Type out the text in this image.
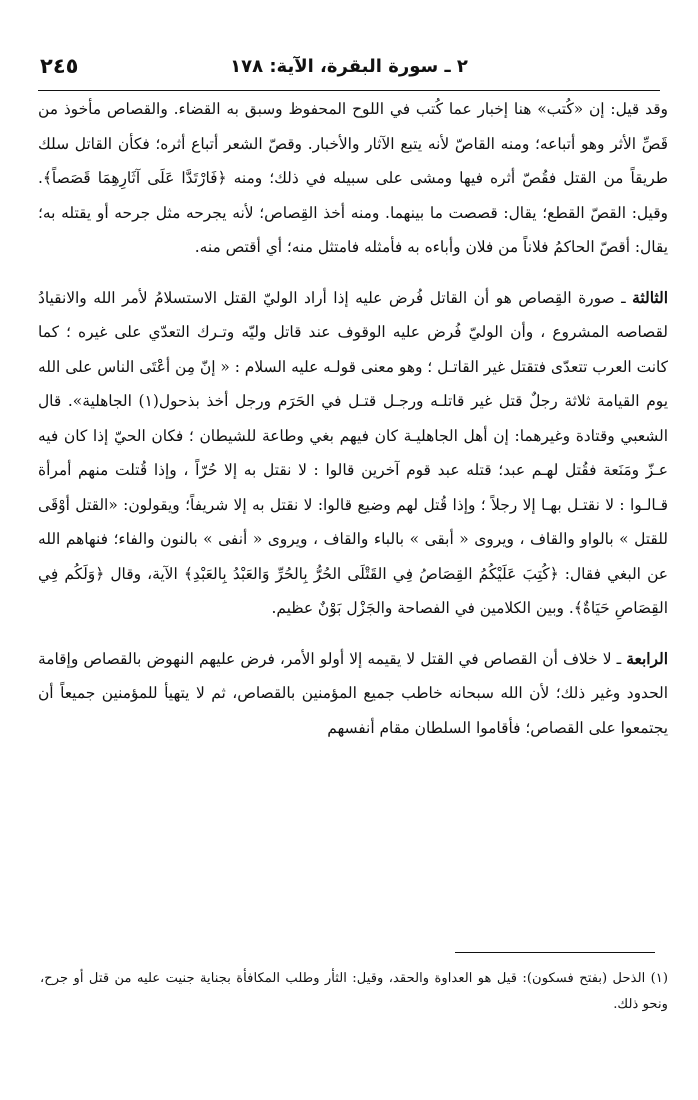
٢٤٥	٢ ـ سورة البقرة، الآية: ١٧٨

وقد قيل: إن «كُتب» هنا إخبار عما كُتب في اللوح المحفوظ وسبق به القضاء. والقصاص مأخوذ من قَصِّ الأثر وهو أتباعه؛ ومنه القاصّ لأنه يتبع الآثار والأخبار. وقصّ الشعر أتباع أثره؛ فكأن القاتل سلك طريقاً من القتل فقُصّ أثره فيها ومشى على سبيله في ذلك؛ ومنه ﴿فَارْتَدَّا عَلَى آثَارِهِمَا قَصَصاً﴾. وقيل: القصّ القطع؛ يقال: قصصت ما بينهما. ومنه أخذ القِصاص؛ لأنه يجرحه مثل جرحه أو يقتله به؛ يقال: أقصّ الحاكمُ فلاناً من فلان وأباءه به فأمثله فامتثل منه؛ أي أقتص منه.

الثالثة ـ صورة القِصاص هو أن القاتل فُرض عليه إذا أراد الوليّ القتل الاستسلامُ لأمر الله والانقيادُ لقصاصه المشروع ، وأن الوليّ فُرض عليه الوقوف عند قاتل وليّه وتـرك التعدّي على غيره ؛ كما كانت العرب تتعدّى فتقتل غير القاتـل ؛ وهو معنى قولـه عليه السلام : « إنّ مِن أعْتَى الناس على الله يوم القيامة ثلاثة رجلٌ قتل غير قاتلـه ورجـل قتـل في الحَرَم ورجل أخذ بذحول(١) الجاهلية». قال الشعبي وقتادة وغيرهما: إن أهل الجاهليـة كان فيهم بغي وطاعة للشيطان ؛ فكان الحيّ إذا كان فيه عـزّ ومَنَعة فقُتل لهـم عبد؛ قتله عبد قوم آخرين قالوا : لا نقتل به إلا حُرّاً ، وإذا قُتلت منهم أمرأة قـالـوا : لا نقتـل بهـا إلا رجلاً ؛ وإذا قُتل لهم وضيع قالوا: لا نقتل به إلا شريفاً؛ ويقولون: «القتل أوْقَى للقتل » بالواو والقاف ، ويروى « أبقى » بالباء والقاف ، ويروى « أنفى » بالنون والفاء؛ فنهاهم الله عن البغي فقال: ﴿كُتِبَ عَلَيْكُمُ القِصَاصُ فِي القَتْلَى الحُرُّ بِالحُرِّ وَالعَبْدُ بِالعَبْدِ﴾ الآية، وقال ﴿وَلَكُم فِي القِصَاصِ حَيَاةٌ﴾. وبين الكلامين في الفصاحة والجَزْل بَوْنٌ عظيم.

الرابعة ـ لا خلاف أن القصاص في القتل لا يقيمه إلا أولو الأمر، فرض عليهم النهوض بالقصاص وإقامة الحدود وغير ذلك؛ لأن الله سبحانه خاطب جميع المؤمنين بالقصاص، ثم لا يتهيأ للمؤمنين جميعاً أن يجتمعوا على القصاص؛ فأقاموا السلطان مقام أنفسهم

(١) الذحل (بفتح فسكون): قيل هو العداوة والحقد، وقيل: الثأر وطلب المكافأة بجناية جنيت عليه من قتل أو جرح، ونحو ذلك.
